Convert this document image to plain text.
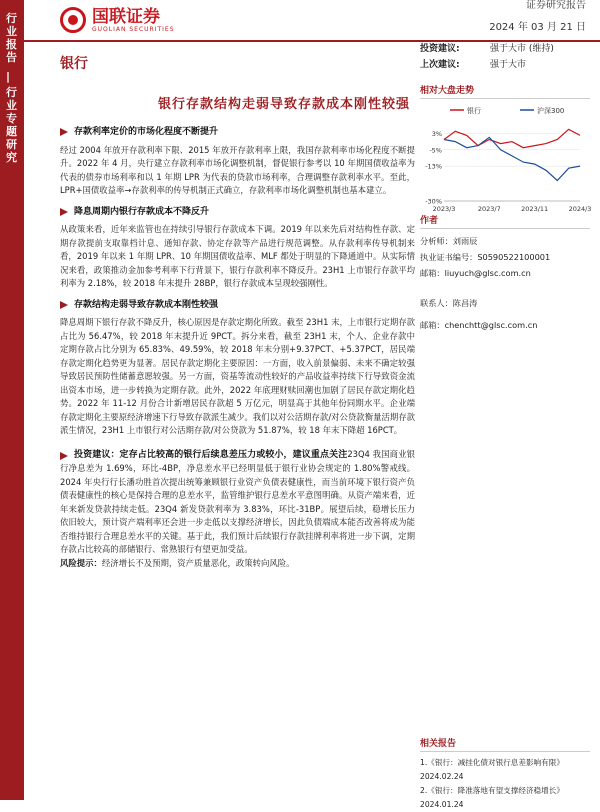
行业报告
|
行业专题研究
国联证券
GUOLIAN SECURITIES
证券研究报告
2024 年 03 月 21 日
银行
投资建议:	强于大市 (维持)
上次建议:	强于大市
银行存款结构走弱导致存款成本刚性较强
存款利率定价的市场化程度不断提升
经过 2004 年放开存款利率下限、2015 年放开存款利率上限，我国存款利率市场化程度不断提升。2022 年 4 月，央行建立存款利率市场化调整机制，督促银行参考以 10 年期国债收益率为代表的债券市场利率和以 1 年期 LPR 为代表的贷款市场利率，合理调整存款利率水平。至此，LPR+国债收益率→存款利率的传导机制正式确立，存款利率市场化调整机制也基本建立。
降息周期内银行存款成本不降反升
从政策来看，近年来监管也在持续引导银行存款成本下调。2019 年以来先后对结构性存款、定期存款提前支取靠档计息、通知存款、协定存款等产品进行规范调整。从存款利率传导机制来看，2019 年以来 1 年期 LPR、10 年期国债收益率、MLF 都处于明显的下降通道中。从实际情况来看，政策推动金加参考利率下行背景下，银行存款利率不降反升。23H1 上市银行存款平均利率为 2.18%，较 2018 年末提升 28BP，银行存款成本呈现较强刚性。
存款结构走弱导致存款成本刚性较强
降息周期下银行存款不降反升，核心原因是存款定期化所致。截至 23H1 末，上市银行定期存款占比为 56.47%，较 2018 年末提升近 9PCT。拆分来看，截至 23H1 末，个人、企业存款中定期存款占比分别为 65.83%、49.59%，较 2018 年末分别+9.37PCT、+5.37PCT，居民端存款定期化趋势更为显著。居民存款定期化主要原因：一方面，收入前景偏弱、未来不确定较强导致居民预防性储蓄意愿较强。另一方面，资基等流动性较好的产品收益率持续下行导致资金流出资本市场，进一步转换为定期存款。此外，2022 年底理财赎回潮也加剧了居民存款定期化趋势。2022 年 11-12 月份合计新增居民存款超 5 万亿元，明显高于其他年份同期水平。企业端存款定期化主要原经济增速下行导致存款派生减少。我们以对公活期存款/对公贷款衡量活期存款派生情况，23H1 上市银行对公活期存款/对公贷款为 51.87%，较 18 年末下降超 16PCT。
投资建议：定存占比较高的银行后续息差压力或较小，建议重点关注23Q4 我国商业银行净息差为 1.69%，环比-4BP，净息差水平已经明显低于银行业协会规定的 1.80%警戒线。2024 年央行行长潘功胜首次提出统筹兼顾银行业资产负债表健康性，而当前环境下银行资产负债表健康性的核心是保持合理的息差水平，监管维护银行息差水平意图明确。从资产端来看，近年来新发贷款持续走低。23Q4 新发贷款利率为 3.83%，环比-31BP。展望后续，稳增长压力依旧较大，预计资产端利率还会进一步走低以支撑经济增长，因此负债端成本能否改善将成为能否维持银行合理息差水平的关键。基于此，我们预计后续银行存款挂牌利率将进一步下调，定期存款占比较高的部储银行、常熟银行有望更加受益。
风险提示：经济增长不及预期，资产质量恶化，政策转向风险。
相对大盘走势
银行	沪深300
3%
-5%
-13%
-30%
2023/3	2023/7	2023/11	2024/3
作者
分析师：刘雨辰
执业证书编号：S0590522100001
邮箱：liuyuch@glsc.com.cn
联系人：陈昌涛
邮箱：chenchtt@glsc.com.cn
相关报告
1.《银行：减挂化债对银行息差影响有限》2024.02.24
2.《银行：降准落地有望支撑经济稳增长》2024.01.24
